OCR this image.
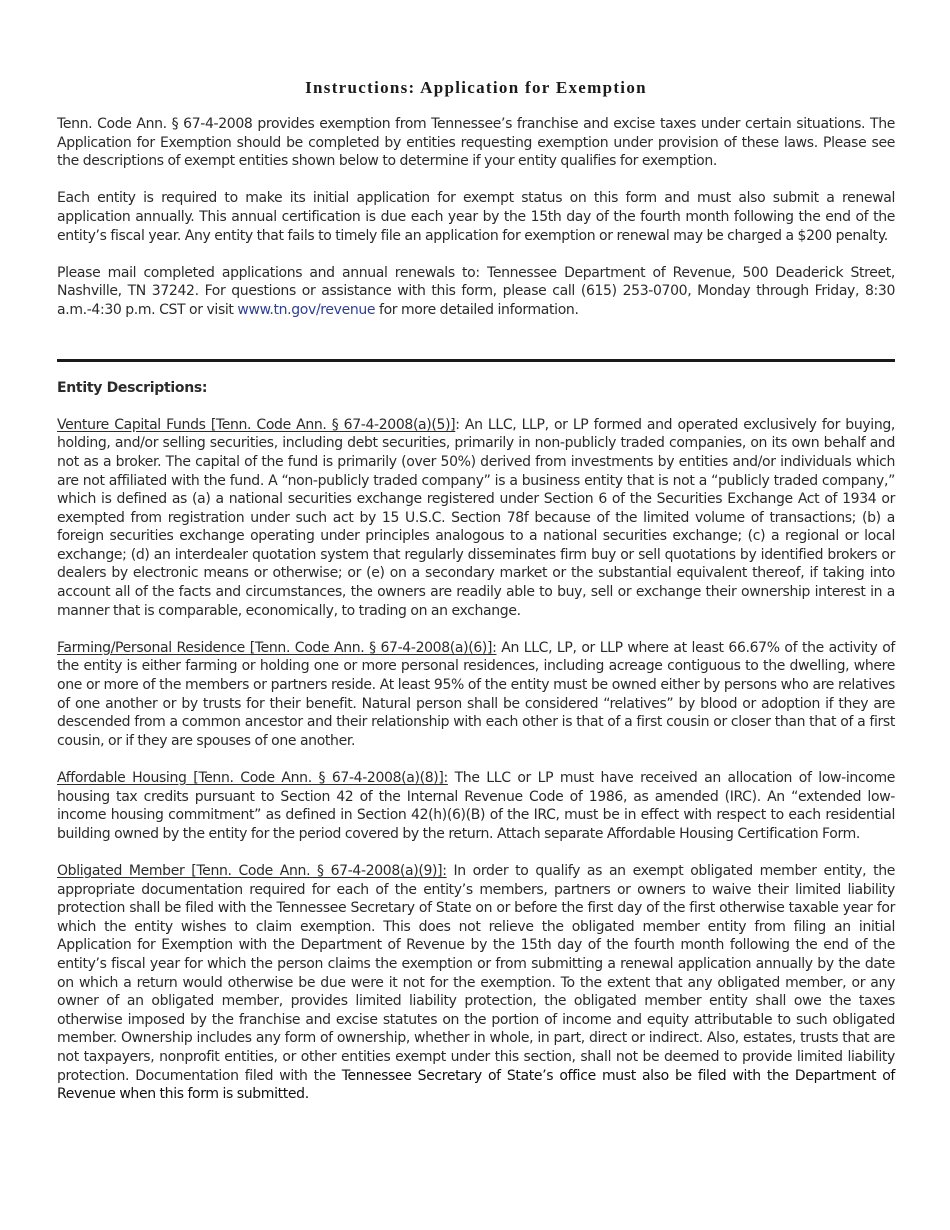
Instructions: Application for Exemption

Tenn. Code Ann. § 67-4-2008 provides exemption from Tennessee’s franchise and excise taxes under certain situations. The Application for Exemption should be completed by entities requesting exemption under provision of these laws. Please see the descriptions of exempt entities shown below to determine if your entity qualifies for exemption.

Each entity is required to make its initial application for exempt status on this form and must also submit a renewal application annually. This annual certification is due each year by the 15th day of the fourth month following the end of the entity’s fiscal year. Any entity that fails to timely file an application for exemption or renewal may be charged a $200 penalty.

Please mail completed applications and annual renewals to: Tennessee Department of Revenue, 500 Deaderick Street, Nashville, TN 37242. For questions or assistance with this form, please call (615) 253-0700, Monday through Friday, 8:30 a.m.-4:30 p.m. CST or visit www.tn.gov/revenue for more detailed information.

Entity Descriptions:

Venture Capital Funds [Tenn. Code Ann. § 67-4-2008(a)(5)]: An LLC, LLP, or LP formed and operated exclusively for buying, holding, and/or selling securities, including debt securities, primarily in non-publicly traded companies, on its own behalf and not as a broker. The capital of the fund is primarily (over 50%) derived from investments by entities and/or individuals which are not affiliated with the fund. A “non-publicly traded company” is a business entity that is not a “publicly traded company,” which is defined as (a) a national securities exchange registered under Section 6 of the Securities Exchange Act of 1934 or exempted from registration under such act by 15 U.S.C. Section 78f because of the limited volume of transactions; (b) a foreign securities exchange operating under principles analogous to a national securities exchange; (c) a regional or local exchange; (d) an interdealer quotation system that regularly disseminates firm buy or sell quotations by identified brokers or dealers by electronic means or otherwise; or (e) on a secondary market or the substantial equivalent thereof, if taking into account all of the facts and circumstances, the owners are readily able to buy, sell or exchange their ownership interest in a manner that is comparable, economically, to trading on an exchange.

Farming/Personal Residence [Tenn. Code Ann. § 67-4-2008(a)(6)]: An LLC, LP, or LLP where at least 66.67% of the activity of the entity is either farming or holding one or more personal residences, including acreage contiguous to the dwelling, where one or more of the members or partners reside. At least 95% of the entity must be owned either by persons who are relatives of one another or by trusts for their benefit. Natural person shall be considered “relatives” by blood or adoption if they are descended from a common ancestor and their relationship with each other is that of a first cousin or closer than that of a first cousin, or if they are spouses of one another.

Affordable Housing [Tenn. Code Ann. § 67-4-2008(a)(8)]: The LLC or LP must have received an allocation of low-income housing tax credits pursuant to Section 42 of the Internal Revenue Code of 1986, as amended (IRC). An “extended low-income housing commitment” as defined in Section 42(h)(6)(B) of the IRC, must be in effect with respect to each residential building owned by the entity for the period covered by the return. Attach separate Affordable Housing Certification Form.

Obligated Member [Tenn. Code Ann. § 67-4-2008(a)(9)]: In order to qualify as an exempt obligated member entity, the appropriate documentation required for each of the entity’s members, partners or owners to waive their limited liability protection shall be filed with the Tennessee Secretary of State on or before the first day of the first otherwise taxable year for which the entity wishes to claim exemption. This does not relieve the obligated member entity from filing an initial Application for Exemption with the Department of Revenue by the 15th day of the fourth month following the end of the entity’s fiscal year for which the person claims the exemption or from submitting a renewal application annually by the date on which a return would otherwise be due were it not for the exemption. To the extent that any obligated member, or any owner of an obligated member, provides limited liability protection, the obligated member entity shall owe the taxes otherwise imposed by the franchise and excise statutes on the portion of income and equity attributable to such obligated member. Ownership includes any form of ownership, whether in whole, in part, direct or indirect. Also, estates, trusts that are not taxpayers, nonprofit entities, or other entities exempt under this section, shall not be deemed to provide limited liability protection. Documentation filed with the Tennessee Secretary of State’s office must also be filed with the Department of Revenue when this form is submitted.
